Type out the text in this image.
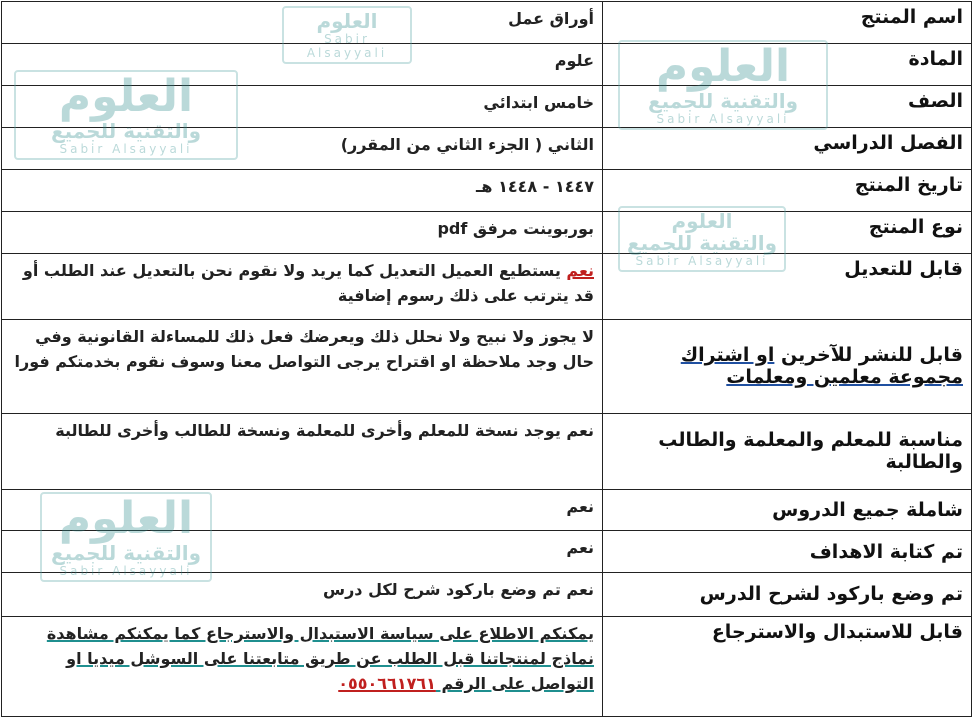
اسم المنتج	أوراق عمل
المادة	علوم
الصف	خامس ابتدائي
الفصل الدراسي	الثاني ( الجزء الثاني من المقرر)
تاريخ المنتج	١٤٤٧ - ١٤٤٨ هـ
نوع المنتج	بوربوينت مرفق pdf
قابل للتعديل	نعم يستطيع العميل التعديل كما يريد ولا نقوم نحن بالتعديل عند الطلب أو قد يترتب على ذلك رسوم إضافية
قابل للنشر للآخرين او اشتراك مجموعة معلمين ومعلمات	لا يجوز ولا نبيح ولا نحلل ذلك ويعرضك فعل ذلك للمساءلة القانونية وفي حال وجد ملاحظة او اقتراح يرجى التواصل معنا وسوف نقوم بخدمتكم فورا
مناسبة للمعلم والمعلمة والطالب والطالبة	نعم يوجد نسخة للمعلم وأخرى للمعلمة ونسخة للطالب وأخرى للطالبة
شاملة جميع الدروس	نعم
تم كتابة الاهداف	نعم
تم وضع باركود لشرح الدرس	نعم تم وضع باركود شرح لكل درس
قابل للاستبدال والاسترجاع	يمكنكم الاطلاع على سياسة الاستبدال والاسترجاع كما يمكنكم مشاهدة نماذج لمنتجاتنا قبل الطلب عن طريق متابعتنا على السوشل ميديا او التواصل على الرقم ٠٥٥٠٦٦١٧٦١
العلوم
Sabir Alsayyali	العلوم
والتقنية للجميع
Sabir Alsayyali
العلوم
والتقنية للجميع
Sabir Alsayyali
العلوم
والتقنية للجميع
Sabir Alsayyali
العلوم
والتقنية للجميع
Sabir Alsayyali
